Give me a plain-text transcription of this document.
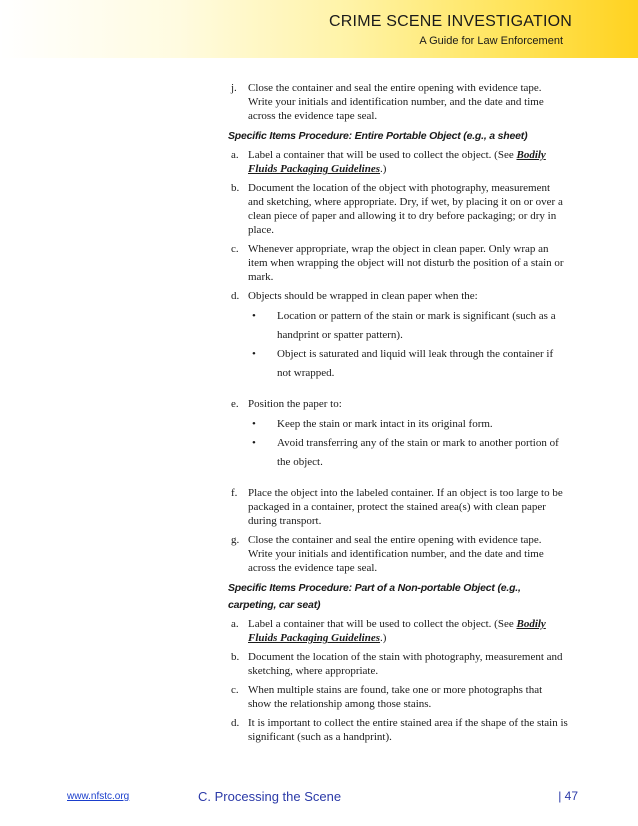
CRIME SCENE INVESTIGATION
A Guide for Law Enforcement
j.	Close the container and seal the entire opening with evidence tape. Write your initials and identification number, and the date and time across the evidence tape seal.
Specific Items Procedure: Entire Portable Object (e.g., a sheet)
a. Label a container that will be used to collect the object. (See Bodily Fluids Packaging Guidelines.)
b. Document the location of the object with photography, measurement and sketching, where appropriate. Dry, if wet, by placing it on or over a clean piece of paper and allowing it to dry before packaging; or dry in place.
c. Whenever appropriate, wrap the object in clean paper. Only wrap an item when wrapping the object will not disturb the position of a stain or mark.
d. Objects should be wrapped in clean paper when the:
•	Location or pattern of the stain or mark is significant (such as a handprint or spatter pattern).
•	Object is saturated and liquid will leak through the container if not wrapped.
e. Position the paper to:
•	Keep the stain or mark intact in its original form.
•	Avoid transferring any of the stain or mark to another portion of the object.
f. Place the object into the labeled container. If an object is too large to be packaged in a container, protect the stained area(s) with clean paper during transport.
g. Close the container and seal the entire opening with evidence tape. Write your initials and identification number, and the date and time across the evidence tape seal.
Specific Items Procedure: Part of a Non-portable Object (e.g., carpeting, car seat)
a. Label a container that will be used to collect the object. (See Bodily Fluids Packaging Guidelines.)
b. Document the location of the stain with photography, measurement and sketching, where appropriate.
c. When multiple stains are found, take one or more photographs that show the relationship among those stains.
d. It is important to collect the entire stained area if the shape of the stain is significant (such as a handprint).
www.nfstc.org	C. Processing the Scene	| 47
